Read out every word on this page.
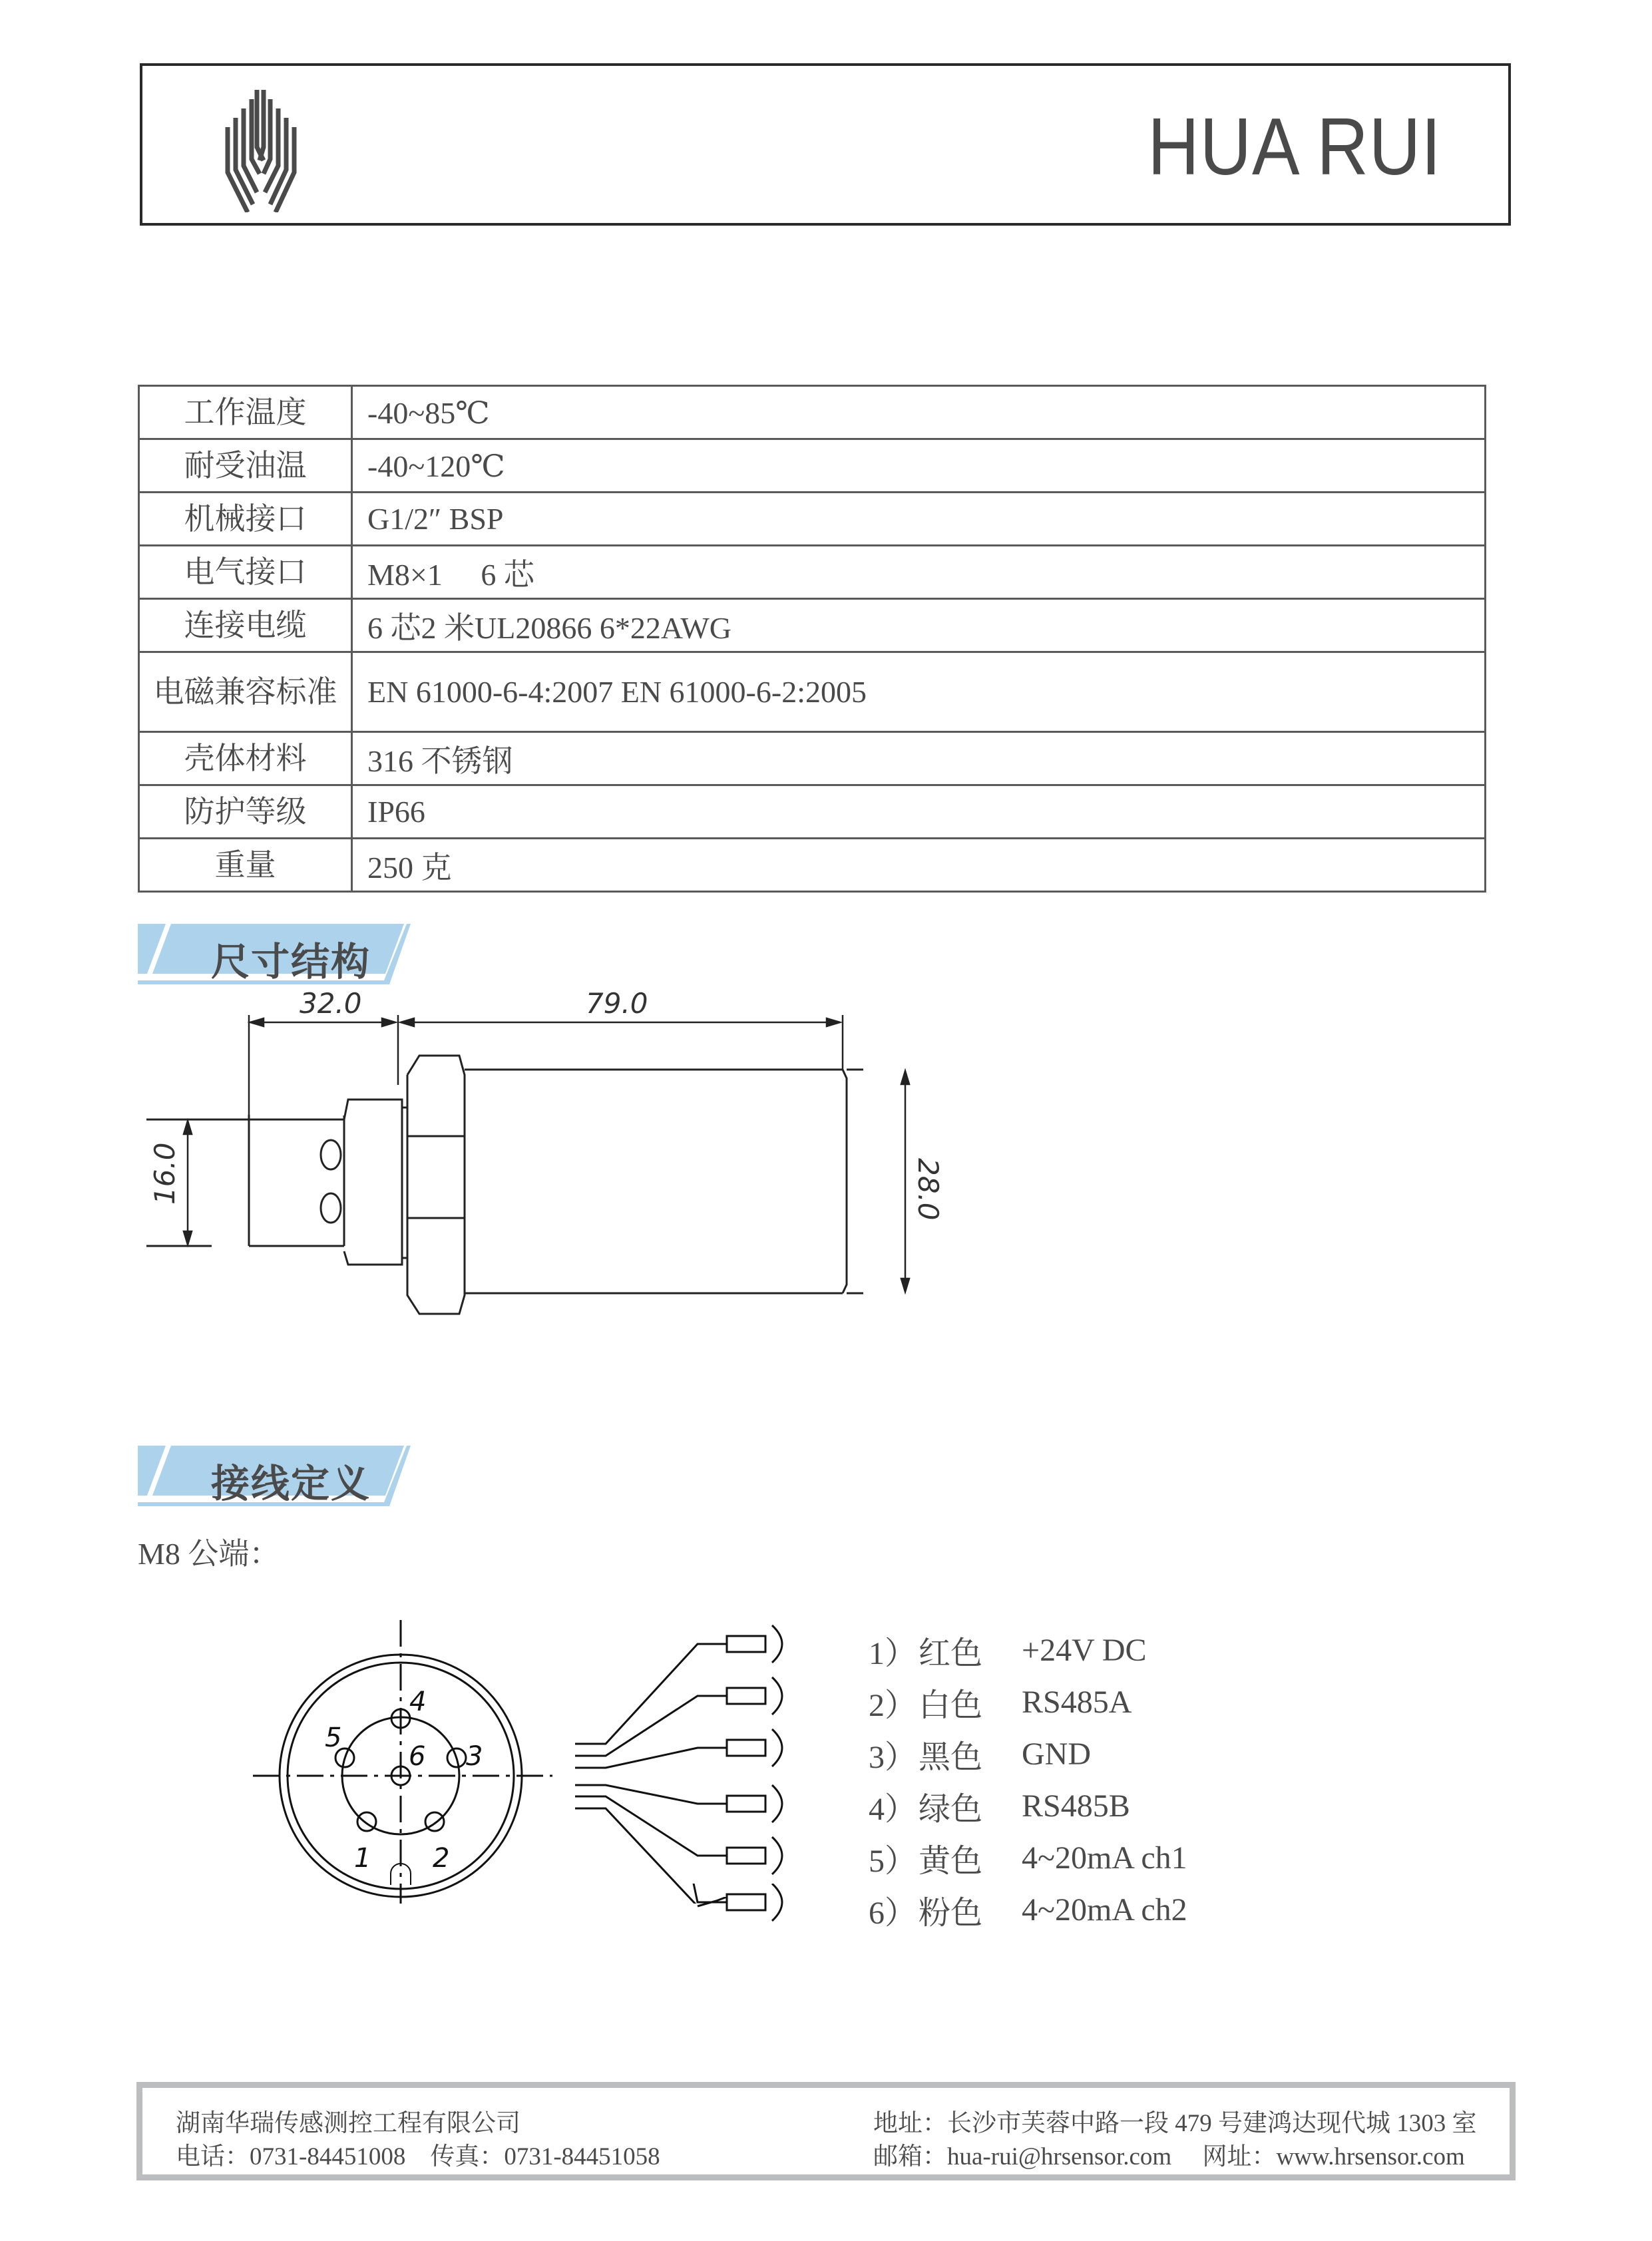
HUA RUI
工作温度	-40~85℃
耐受油温	-40~120℃
机械接口	G1/2″ BSP
电气接口	M8×1　 6 芯
连接电缆	6 芯2 米UL20866 6*22AWG
电磁兼容标准	EN 61000-6-4:2007 EN 61000-6-2:2005
壳体材料	316 不锈钢
防护等级	IP66
重量	250 克
尺寸结构
32.0	79.0
16.0	28.0
接线定义
M8 公端：
1 2
3
4
5
6
1） 红色	+24V DC
2） 白色	RS485A
3） 黑色	GND
4） 绿色	RS485B
5） 黄色	4~20mA ch1
6） 粉色	4~20mA ch2
湖南华瑞传感测控工程有限公司
电话：0731-84451008    传真：0731-84451058
地址：长沙市芙蓉中路一段 479 号建鸿达现代城 1303 室
邮箱：hua-rui@hrsensor.com     网址：www.hrsensor.com
